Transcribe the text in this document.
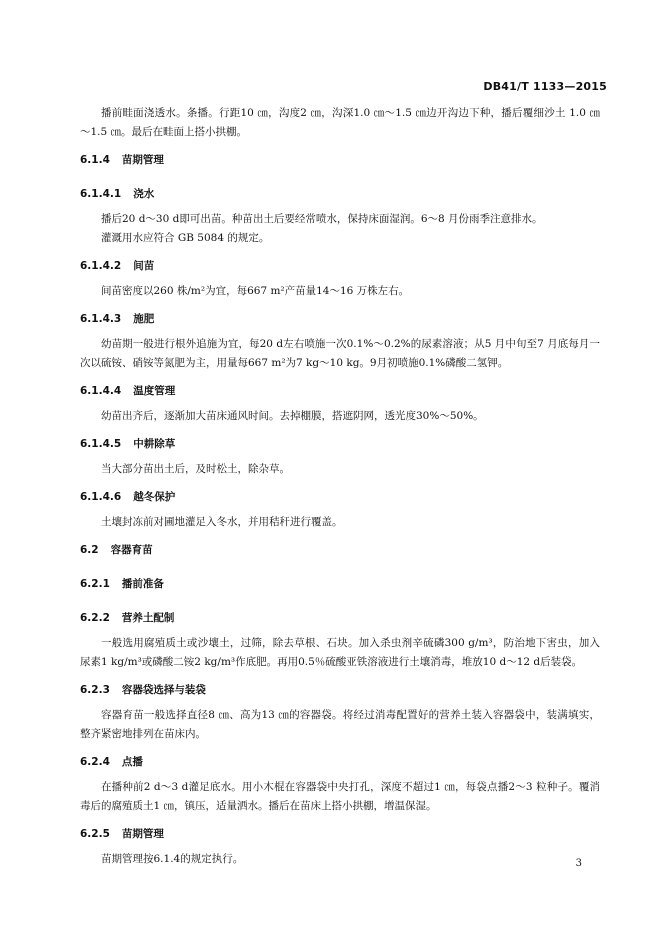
DB41/T 1133—2015

播前畦面浇透水。条播。行距10 ㎝，沟度2 ㎝，沟深1.0 ㎝～1.5 ㎝边开沟边下种，播后覆细沙土 1.0 ㎝～1.5 ㎝。最后在畦面上搭小拱棚。

6.1.4 苗期管理
6.1.4.1 浇水

播后20 d～30 d即可出苗。种苗出土后要经常喷水，保持床面湿润。6～8 月份雨季注意排水。

灌溉用水应符合 GB 5084 的规定。

6.1.4.2 间苗

间苗密度以260 株/m²为宜，每667 m²产苗量14～16 万株左右。

6.1.4.3 施肥

幼苗期一般进行根外追施为宜，每20 d左右喷施一次0.1%～0.2%的尿素溶液；从5 月中旬至7 月底每月一次以硫铵、硝铵等氮肥为主，用量每667 m²为7 kg～10 kg。9月初喷施0.1%磷酸二氢钾。

6.1.4.4 温度管理

幼苗出齐后，逐渐加大苗床通风时间。去掉棚膜，搭遮阴网，透光度30%～50%。

6.1.4.5 中耕除草

当大部分苗出土后，及时松土，除杂草。

6.1.4.6 越冬保护

土壤封冻前对圃地灌足入冬水，并用秸秆进行覆盖。

6.2 容器育苗
6.2.1 播前准备
6.2.2 营养土配制

一般选用腐殖质土或沙壤土，过筛，除去草根、石块。加入杀虫剂辛硫磷300 g/m³，防治地下害虫，加入尿素1 kg/m³或磷酸二铵2 kg/m³作底肥。再用0.5％硫酸亚铁溶液进行土壤消毒，堆放10 d～12 d后装袋。

6.2.3 容器袋选择与装袋

容器育苗一般选择直径8 ㎝、高为13 ㎝的容器袋。将经过消毒配置好的营养土装入容器袋中，装满填实，整齐紧密地排列在苗床内。

6.2.4 点播

在播种前2 d～3 d灌足底水。用小木棍在容器袋中央打孔，深度不超过1 ㎝，每袋点播2～3 粒种子。覆消毒后的腐殖质土1 ㎝，镇压，适量洒水。播后在苗床上搭小拱棚，增温保湿。

6.2.5 苗期管理

苗期管理按6.1.4的规定执行。	3
